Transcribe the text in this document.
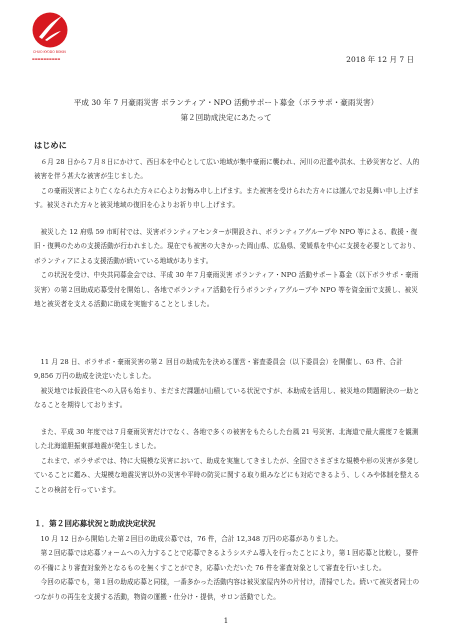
CHUO KYODO BOKIN
▬▬▬▬▬▬▬▬▬▬	2018 年 12 月 7 日
平成 30 年 7 月豪雨災害 ボランティア・NPO 活動サポート募金（ボラサポ・豪雨災害）
第２回助成決定にあたって
はじめに

　６月 28 日から７月８日にかけて、西日本を中心として広い地域が集中豪雨に襲われ、河川の氾濫や洪水、土砂災害など、人的被害を伴う甚大な被害が生じました。
　この豪雨災害により亡くなられた方々に心よりお悔み申し上げます。また被害を受けられた方々には謹んでお見舞い申し上げます。被災された方々と被災地域の復旧を心よりお祈り申し上げます。

　被災した 12 府県 59 市町村では、災害ボランティアセンターが開設され、ボランティアグループや NPO 等による、救援・復旧・復興のための支援活動が行われました。現在でも被害の大きかった岡山県、広島県、愛媛県を中心に支援を必要としており、ボランティアによる支援活動が続いている地域があります。
　この状況を受け、中央共同募金会では、平成 30 年７月豪雨災害 ボランティア・NPO 活動サポート募金（以下ボラサポ・豪雨災害）の第２回助成応募受付を開始し、各地でボランティア活動を行うボランティアグループや NPO 等を資金面で支援し、被災地と被災者を支える活動に助成を実施することとしました。

　11 月 28 日、ボラサポ・豪雨災害の第２ 回目の助成先を決める運営・審査委員会（以下委員会）を開催し、63 件、合計 9,856 万円の助成を決定いたしました。
　被災地では仮設住宅への入居も始まり、まだまだ課題が山積している状況ですが、本助成を活用し、被災地の問題解決の一助となることを期待しております。

　また、平成 30 年度では７月豪雨災害だけでなく、各地で多くの被害をもたらした台風 21 号災害、北海道で最大震度７を観測した北海道胆振東部地震が発生しました。
　これまで、ボラサポでは、特に大規模な災害において、助成を実施してきましたが、全国でさまざまな規模や形の災害が多発していることに鑑み、大規模な地震災害以外の災害や平時の防災に関する取り組みなどにも対応できるよう、しくみや体制を整えることの検討を行っています。

１．第２回応募状況と助成決定状況

　10 月 12 日から開始した第２回目の助成公募では，76 件，合計 12,348 万円の応募がありました。
　第２回応募では応募フォームへの入力することで応募できるようシステム導入を行ったことにより，第１回応募と比較し，要件の不備により審査対象外となるものを無くすことができ，応募いただいた 76 件を審査対象として審査を行いました。
　今回の応募でも，第１回の助成応募と同様，一番多かった活動内容は被災家屋内外の片付け，清掃でした。続いて被災者同士のつながりの再生を支援する活動，物資の運搬・仕分け・提供，サロン活動でした。

1
